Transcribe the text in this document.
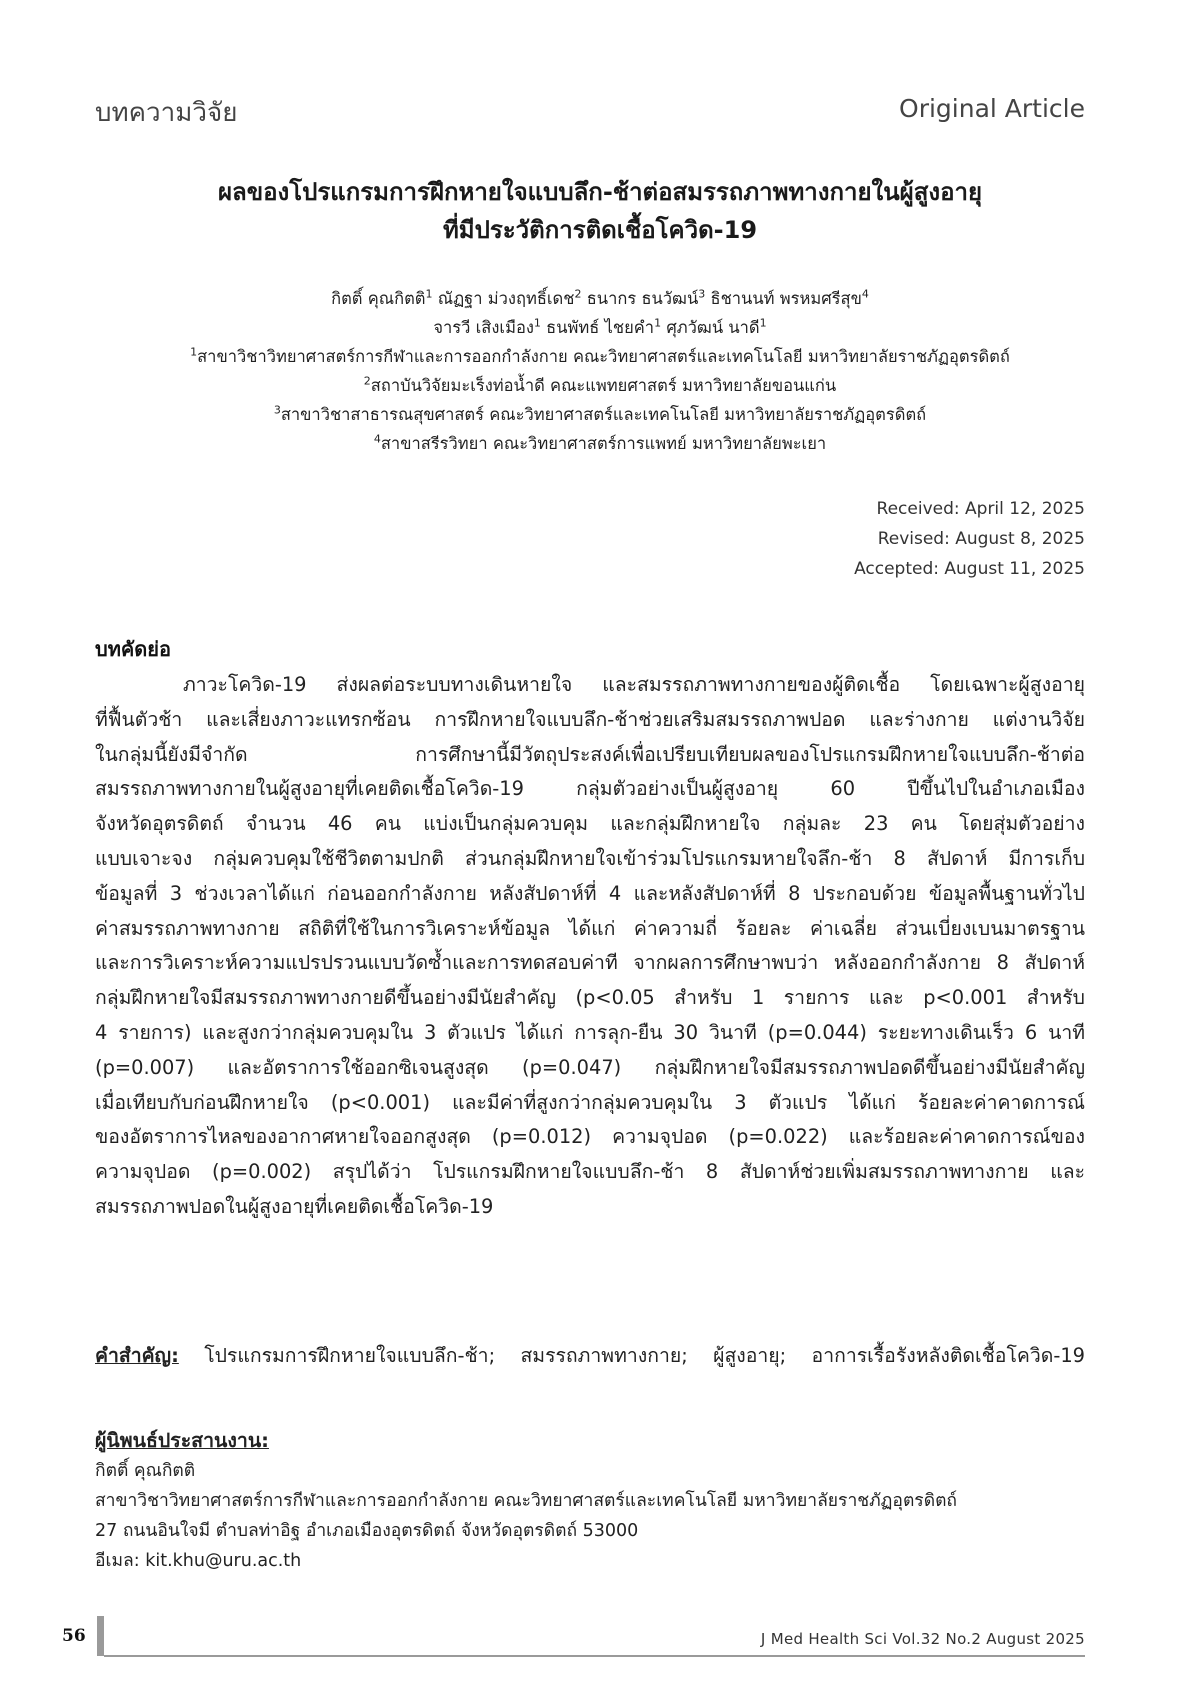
บทความวิจัย	Original Article
ผลของโปรแกรมการฝึกหายใจแบบลึก-ช้าต่อสมรรถภาพทางกายในผู้สูงอายุ
ที่มีประวัติการติดเชื้อโควิด-19
กิตติ์ คุณกิตติ$^1$ ณัฏฐา ม่วงฤทธิ์เดช$^2$ ธนากร ธนวัฒน์$^3$ ธิชานนท์ พรหมศรีสุข$^4$
จารวี เสิงเมือง$^1$ ธนพัทธ์ ไชยคำ$^1$ ศุภวัฒน์ นาดี$^1$
$^1$สาขาวิชาวิทยาศาสตร์การกีฬาและการออกกำลังกาย คณะวิทยาศาสตร์และเทคโนโลยี มหาวิทยาลัยราชภัฏอุตรดิตถ์
$^2$สถาบันวิจัยมะเร็งท่อน้ำดี คณะแพทยศาสตร์ มหาวิทยาลัยขอนแก่น
$^3$สาขาวิชาสาธารณสุขศาสตร์ คณะวิทยาศาสตร์และเทคโนโลยี มหาวิทยาลัยราชภัฏอุตรดิตถ์
$^4$สาขาสรีรวิทยา คณะวิทยาศาสตร์การแพทย์ มหาวิทยาลัยพะเยา
Received: April 12, 2025
Revised: August 8, 2025
Accepted: August 11, 2025
บทคัดย่อ
ภาวะโควิด-19 ส่งผลต่อระบบทางเดินหายใจ และสมรรถภาพทางกายของผู้ติดเชื้อ โดยเฉพาะผู้สูงอายุ
ที่ฟื้นตัวช้า และเสี่ยงภาวะแทรกซ้อน การฝึกหายใจแบบลึก-ช้าช่วยเสริมสมรรถภาพปอด และร่างกาย แต่งานวิจัย
ในกลุ่มนี้ยังมีจำกัด การศึกษานี้มีวัตถุประสงค์เพื่อเปรียบเทียบผลของโปรแกรมฝึกหายใจแบบลึก-ช้าต่อ
สมรรถภาพทางกายในผู้สูงอายุที่เคยติดเชื้อโควิด-19 กลุ่มตัวอย่างเป็นผู้สูงอายุ 60 ปีขึ้นไปในอำเภอเมือง
จังหวัดอุตรดิตถ์ จำนวน 46 คน แบ่งเป็นกลุ่มควบคุม และกลุ่มฝึกหายใจ กลุ่มละ 23 คน โดยสุ่มตัวอย่าง
แบบเจาะจง กลุ่มควบคุมใช้ชีวิตตามปกติ ส่วนกลุ่มฝึกหายใจเข้าร่วมโปรแกรมหายใจลึก-ช้า 8 สัปดาห์ มีการเก็บ
ข้อมูลที่ 3 ช่วงเวลาได้แก่ ก่อนออกกำลังกาย หลังสัปดาห์ที่ 4 และหลังสัปดาห์ที่ 8 ประกอบด้วย ข้อมูลพื้นฐานทั่วไป
ค่าสมรรถภาพทางกาย สถิติที่ใช้ในการวิเคราะห์ข้อมูล ได้แก่ ค่าความถี่ ร้อยละ ค่าเฉลี่ย ส่วนเบี่ยงเบนมาตรฐาน
และการวิเคราะห์ความแปรปรวนแบบวัดซ้ำและการทดสอบค่าที จากผลการศึกษาพบว่า หลังออกกำลังกาย 8 สัปดาห์
กลุ่มฝึกหายใจมีสมรรถภาพทางกายดีขึ้นอย่างมีนัยสำคัญ (p<0.05 สำหรับ 1 รายการ และ p<0.001 สำหรับ
4 รายการ) และสูงกว่ากลุ่มควบคุมใน 3 ตัวแปร ได้แก่ การลุก-ยืน 30 วินาที (p=0.044) ระยะทางเดินเร็ว 6 นาที
(p=0.007) และอัตราการใช้ออกซิเจนสูงสุด (p=0.047) กลุ่มฝึกหายใจมีสมรรถภาพปอดดีขึ้นอย่างมีนัยสำคัญ
เมื่อเทียบกับก่อนฝึกหายใจ (p<0.001) และมีค่าที่สูงกว่ากลุ่มควบคุมใน 3 ตัวแปร ได้แก่ ร้อยละค่าคาดการณ์
ของอัตราการไหลของอากาศหายใจออกสูงสุด (p=0.012) ความจุปอด (p=0.022) และร้อยละค่าคาดการณ์ของ
ความจุปอด (p=0.002) สรุปได้ว่า โปรแกรมฝึกหายใจแบบลึก-ช้า 8 สัปดาห์ช่วยเพิ่มสมรรถภาพทางกาย และ
สมรรถภาพปอดในผู้สูงอายุที่เคยติดเชื้อโควิด-19
คำสำคัญ: โปรแกรมการฝึกหายใจแบบลึก-ช้า; สมรรถภาพทางกาย; ผู้สูงอายุ; อาการเรื้อรังหลังติดเชื้อโควิด-19
ผู้นิพนธ์ประสานงาน:
กิตติ์ คุณกิตติ
สาขาวิชาวิทยาศาสตร์การกีฬาและการออกกำลังกาย คณะวิทยาศาสตร์และเทคโนโลยี มหาวิทยาลัยราชภัฏอุตรดิตถ์
27 ถนนอินใจมี ตำบลท่าอิฐ อำเภอเมืองอุตรดิตถ์ จังหวัดอุตรดิตถ์ 53000
อีเมล: kit.khu@uru.ac.th
56	J Med Health Sci Vol.32 No.2 August 2025
